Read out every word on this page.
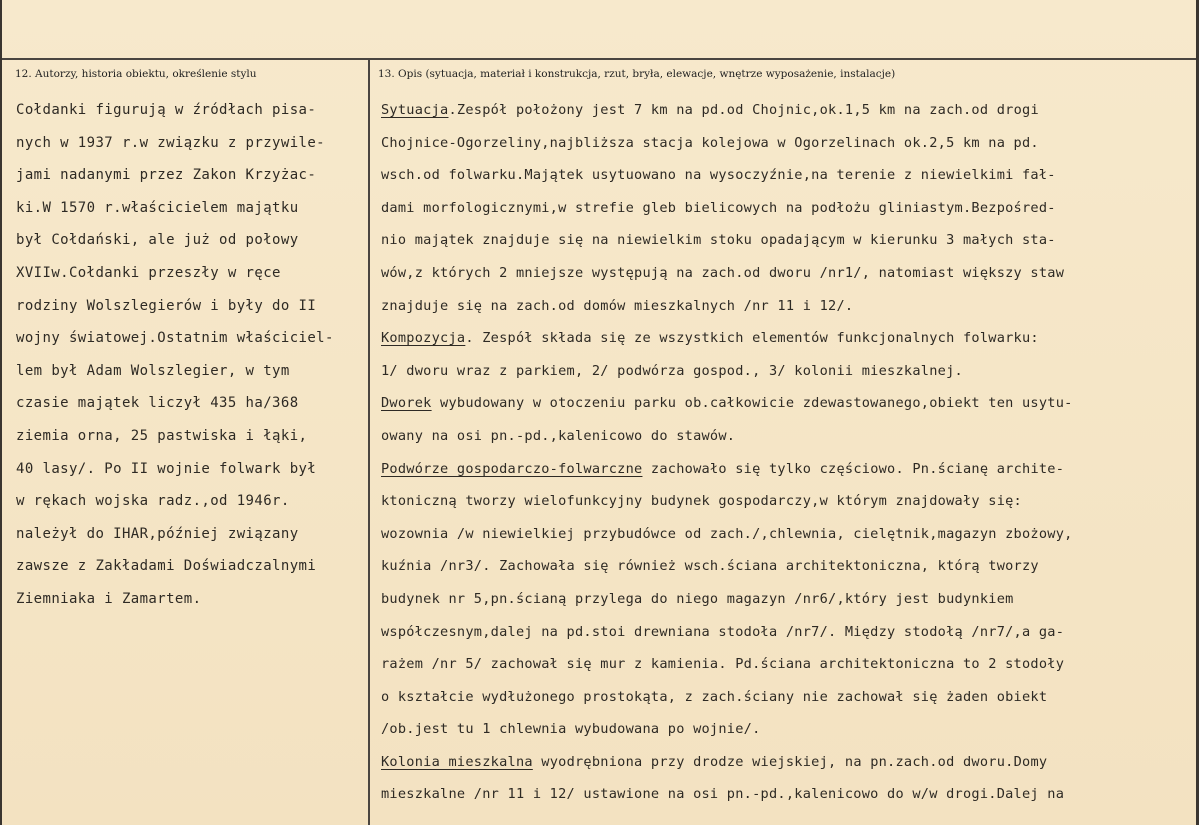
12. Autorzy, historia obiektu, określenie stylu	13. Opis (sytuacja, materiał i konstrukcja, rzut, bryła, elewacje, wnętrze wyposażenie, instalacje)
Cołdanki figurują w źródłach pisa-
nych w 1937 r.w związku z przywile-
jami nadanymi przez Zakon Krzyżac-
ki.W 1570 r.właścicielem majątku
był Cołdański, ale już od połowy
XVIIw.Cołdanki przeszły w ręce
rodziny Wolszlegierów i były do II
wojny światowej.Ostatnim właściciel-
lem był Adam Wolszlegier, w tym
czasie majątek liczył 435 ha/368
ziemia orna, 25 pastwiska i łąki,
40 lasy/. Po II wojnie folwark był
w rękach wojska radz.,od 1946r.
należył do IHAR,później związany
zawsze z Zakładami Doświadczalnymi
Ziemniaka i Zamartem.
Sytuacja.Zespół położony jest 7 km na pd.od Chojnic,ok.1,5 km na zach.od drogi
Chojnice-Ogorzeliny,najbliższa stacja kolejowa w Ogorzelinach ok.2,5 km na pd.
wsch.od folwarku.Majątek usytuowano na wysoczyźnie,na terenie z niewielkimi fał-
dami morfologicznymi,w strefie gleb bielicowych na podłożu gliniastym.Bezpośred-
nio majątek znajduje się na niewielkim stoku opadającym w kierunku 3 małych sta-
wów,z których 2 mniejsze występują na zach.od dworu /nr1/, natomiast większy staw
znajduje się na zach.od domów mieszkalnych /nr 11 i 12/.
Kompozycja. Zespół składa się ze wszystkich elementów funkcjonalnych folwarku:
1/ dworu wraz z parkiem, 2/ podwórza gospod., 3/ kolonii mieszkalnej.
Dworek wybudowany w otoczeniu parku ob.całkowicie zdewastowanego,obiekt ten usytu-
owany na osi pn.-pd.,kalenicowo do stawów.
Podwórze gospodarczo-folwarczne zachowało się tylko częściowo. Pn.ścianę archite-
ktoniczną tworzy wielofunkcyjny budynek gospodarczy,w którym znajdowały się:
wozownia /w niewielkiej przybudówce od zach./,chlewnia, cielętnik,magazyn zbożowy,
kuźnia /nr3/. Zachowała się również wsch.ściana architektoniczna, którą tworzy
budynek nr 5,pn.ścianą przylega do niego magazyn /nr6/,który jest budynkiem
współczesnym,dalej na pd.stoi drewniana stodoła /nr7/. Między stodołą /nr7/,a ga-
rażem /nr 5/ zachował się mur z kamienia. Pd.ściana architektoniczna to 2 stodoły
o kształcie wydłużonego prostokąta, z zach.ściany nie zachował się żaden obiekt
/ob.jest tu 1 chlewnia wybudowana po wojnie/.
Kolonia mieszkalna wyodrębniona przy drodze wiejskiej, na pn.zach.od dworu.Domy
mieszkalne /nr 11 i 12/ ustawione na osi pn.-pd.,kalenicowo do w/w drogi.Dalej na
